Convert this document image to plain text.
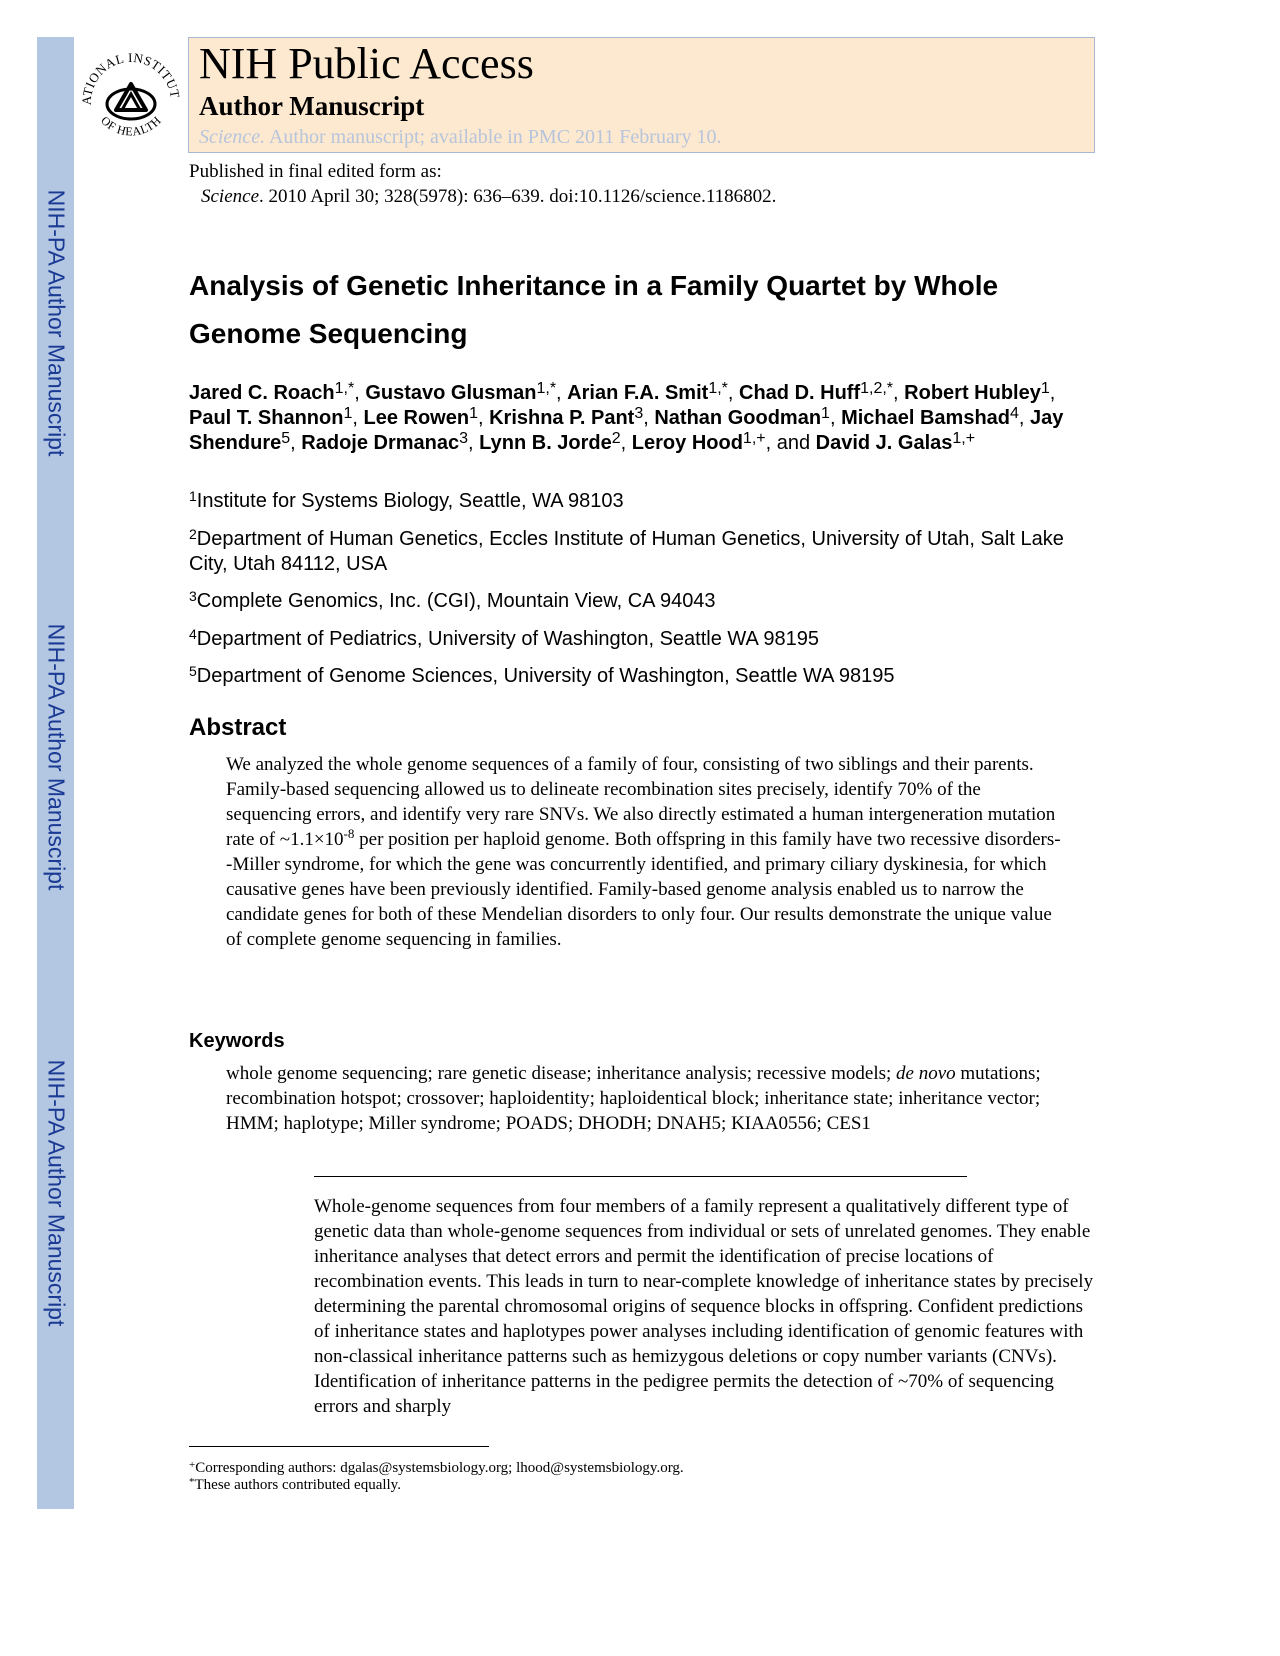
NIH-PA Author Manuscript
NIH-PA Author Manuscript
NIH-PA Author Manuscript
ATIONAL INSTITUT
OF HEALTH
NIH Public Access
Author Manuscript
Science. Author manuscript; available in PMC 2011 February 10.
Published in final edited form as:
Science. 2010 April 30; 328(5978): 636–639. doi:10.1126/science.1186802.
Analysis of Genetic Inheritance in a Family Quartet by Whole Genome Sequencing
Jared C. Roach$^{1,*}$, Gustavo Glusman$^{1,*}$, Arian F.A. Smit$^{1,*}$, Chad D. Huff$^{1,2,*}$, Robert Hubley$^1$, Paul T. Shannon$^1$, Lee Rowen$^1$, Krishna P. Pant$^3$, Nathan Goodman$^1$, Michael Bamshad$^4$, Jay Shendure$^5$, Radoje Drmanac$^3$, Lynn B. Jorde$^2$, Leroy Hood$^{1,+}$, and David J. Galas$^{1,+}$
$^1$Institute for Systems Biology, Seattle, WA 98103
$^2$Department of Human Genetics, Eccles Institute of Human Genetics, University of Utah, Salt Lake City, Utah 84112, USA
$^3$Complete Genomics, Inc. (CGI), Mountain View, CA 94043
$^4$Department of Pediatrics, University of Washington, Seattle WA 98195
$^5$Department of Genome Sciences, University of Washington, Seattle WA 98195
Abstract
We analyzed the whole genome sequences of a family of four, consisting of two siblings and their parents. Family-based sequencing allowed us to delineate recombination sites precisely, identify 70% of the sequencing errors, and identify very rare SNVs. We also directly estimated a human intergeneration mutation rate of $\sim 1.1\times 10^{-8}$ per position per haploid genome. Both offspring in this family have two recessive disorders--Miller syndrome, for which the gene was concurrently identified, and primary ciliary dyskinesia, for which causative genes have been previously identified. Family-based genome analysis enabled us to narrow the candidate genes for both of these Mendelian disorders to only four. Our results demonstrate the unique value of complete genome sequencing in families.
Keywords
whole genome sequencing; rare genetic disease; inheritance analysis; recessive models; de novo mutations; recombination hotspot; crossover; haploidentity; haploidentical block; inheritance state; inheritance vector; HMM; haplotype; Miller syndrome; POADS; DHODH; DNAH5; KIAA0556; CES1
Whole-genome sequences from four members of a family represent a qualitatively different type of genetic data than whole-genome sequences from individual or sets of unrelated genomes. They enable inheritance analyses that detect errors and permit the identification of precise locations of recombination events. This leads in turn to near-complete knowledge of inheritance states by precisely determining the parental chromosomal origins of sequence blocks in offspring. Confident predictions of inheritance states and haplotypes power analyses including identification of genomic features with non-classical inheritance patterns such as hemizygous deletions or copy number variants (CNVs). Identification of inheritance patterns in the pedigree permits the detection of ~70% of sequencing errors and sharply
+Corresponding authors: dgalas@systemsbiology.org; lhood@systemsbiology.org.
*These authors contributed equally.
